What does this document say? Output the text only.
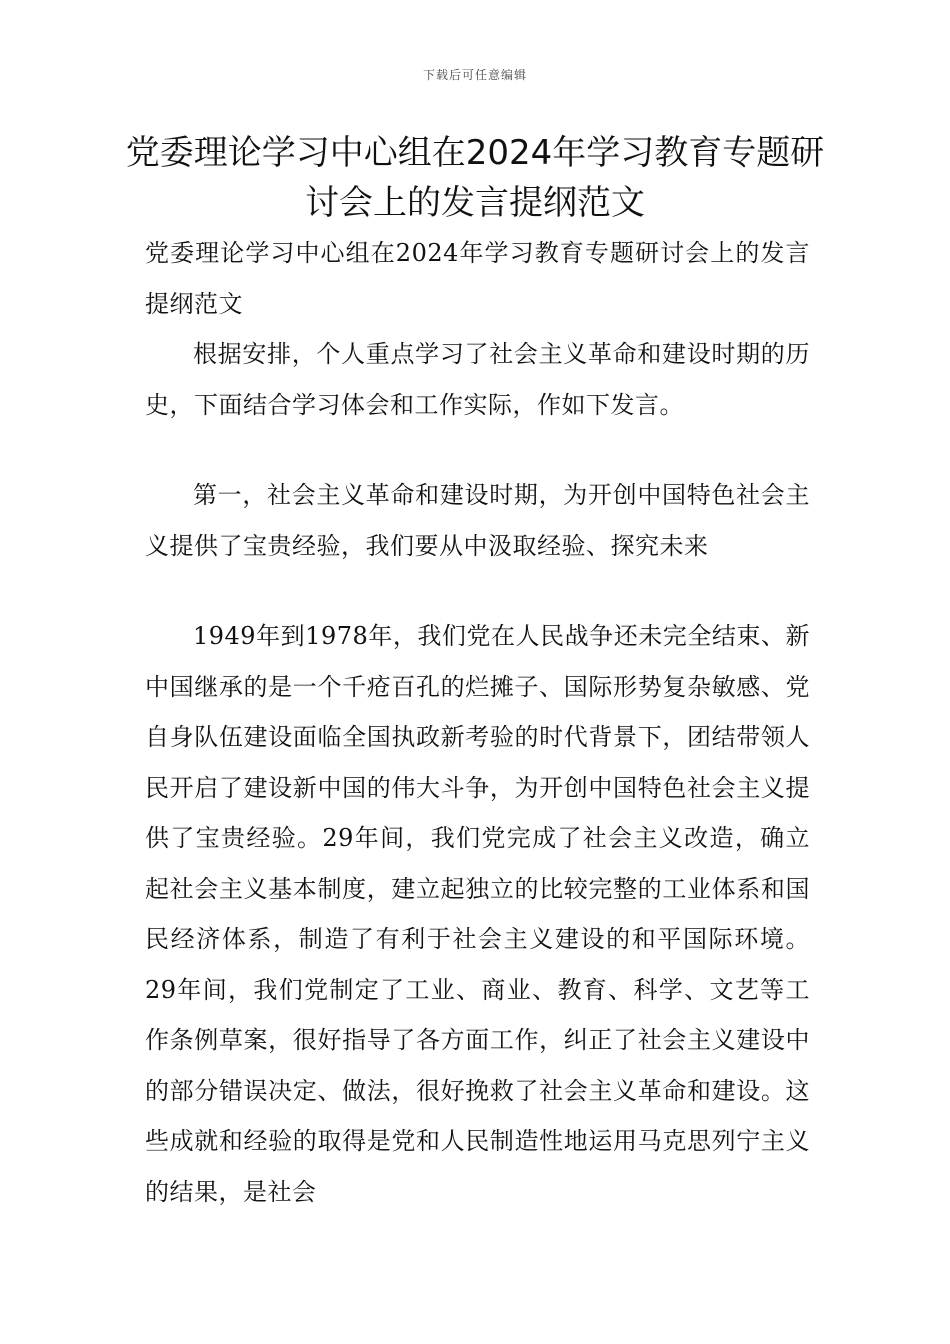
下载后可任意编辑
党委理论学习中心组在2024年学习教育专题研讨会上的发言提纲范文

党委理论学习中心组在2024年学习教育专题研讨会上的发言提纲范文

根据安排，个人重点学习了社会主义革命和建设时期的历史，下面结合学习体会和工作实际，作如下发言。

第一，社会主义革命和建设时期，为开创中国特色社会主义提供了宝贵经验，我们要从中汲取经验、探究未来

1949年到1978年，我们党在人民战争还未完全结束、新中国继承的是一个千疮百孔的烂摊子、国际形势复杂敏感、党自身队伍建设面临全国执政新考验的时代背景下，团结带领人民开启了建设新中国的伟大斗争，为开创中国特色社会主义提供了宝贵经验。29年间，我们党完成了社会主义改造，确立起社会主义基本制度，建立起独立的比较完整的工业体系和国民经济体系，制造了有利于社会主义建设的和平国际环境。29年间，我们党制定了工业、商业、教育、科学、文艺等工作条例草案，很好指导了各方面工作，纠正了社会主义建设中的部分错误决定、做法，很好挽救了社会主义革命和建设。这些成就和经验的取得是党和人民制造性地运用马克思列宁主义的结果，是社会
